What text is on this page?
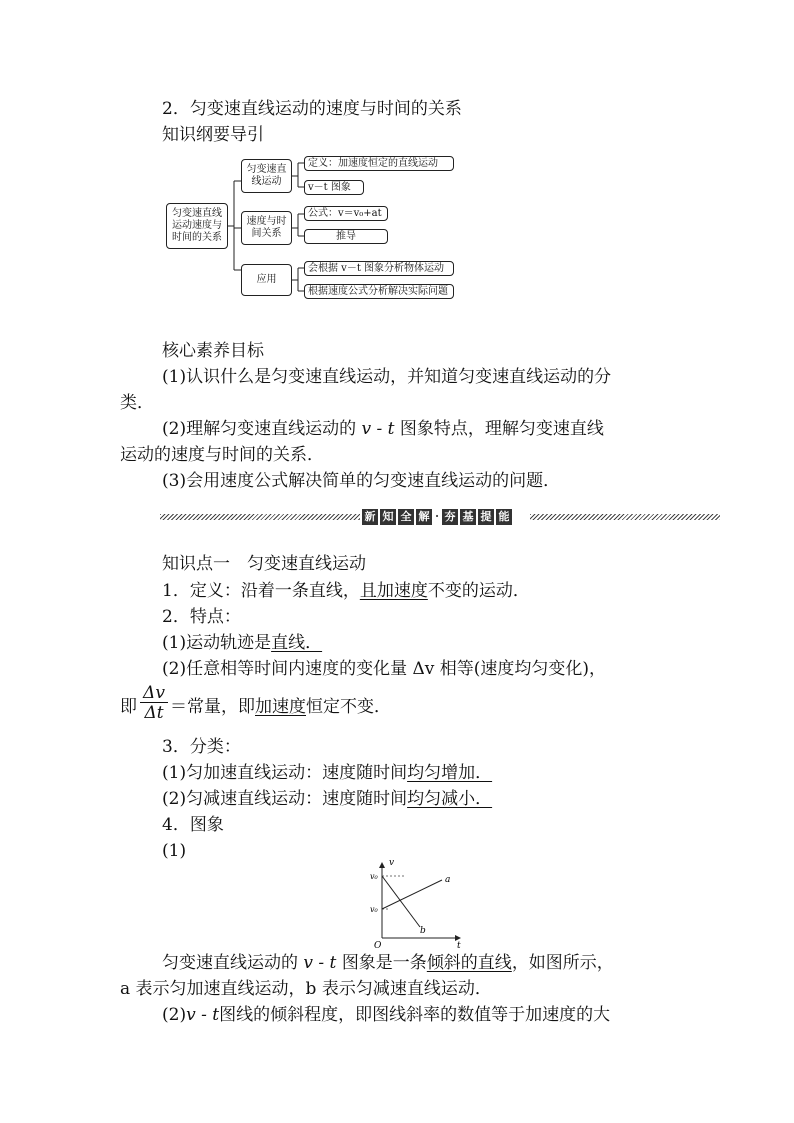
2．匀变速直线运动的速度与时间的关系
知识纲要导引
匀变速直线运动速度与时间的关系
匀变速直线运动
定义：加速度恒定的直线运动
v－t 图象
速度与时间关系
公式：v＝v₀+at
推导
应用
会根据 v－t 图象分析物体运动
根据速度公式分析解决实际问题
核心素养目标
(1)认识什么是匀变速直线运动，并知道匀变速直线运动的分
类．
(2)理解匀变速直线运动的 v - t 图象特点，理解匀变速直线
运动的速度与时间的关系．
(3)会用速度公式解决简单的匀变速直线运动的问题．
新 知 全 解 · 夯 基 提 能
知识点一　匀变速直线运动
1．定义：沿着一条直线，且加速度不变的运动．
2．特点：
(1)运动轨迹是直线．
(2)任意相等时间内速度的变化量 Δv 相等(速度均匀变化)，
即 $\frac{\Delta v}{\Delta t}$ ＝常量，即加速度恒定不变．
3．分类：
(1)匀加速直线运动：速度随时间均匀增加．
(2)匀减速直线运动：速度随时间均匀减小．
4．图象
(1)
v
t
O
v₀
v₀
a
b
匀变速直线运动的 v - t 图象是一条倾斜的直线，如图所示，
a 表示匀加速直线运动，b 表示匀减速直线运动．
(2)v - t图线的倾斜程度，即图线斜率的数值等于加速度的大
